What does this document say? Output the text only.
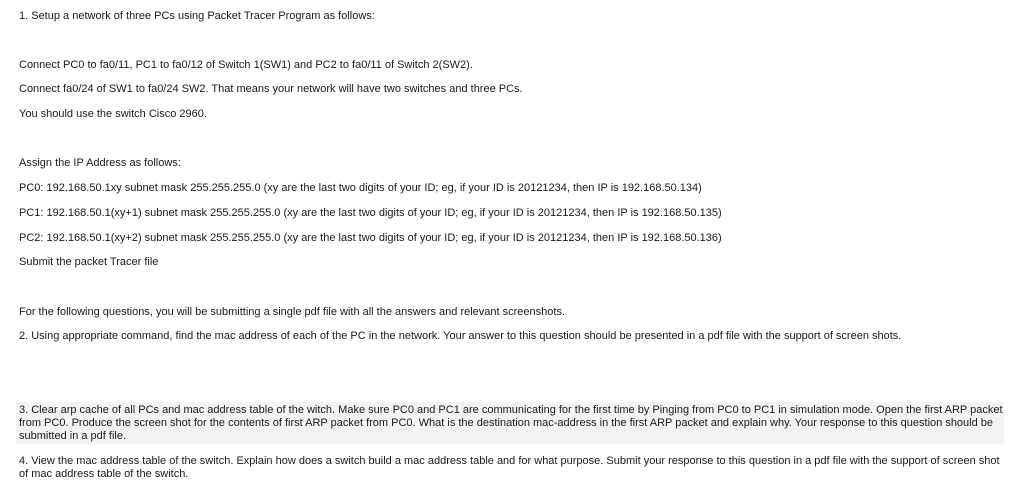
1. Setup a network of three PCs using Packet Tracer Program as follows:
Connect PC0 to fa0/11, PC1 to fa0/12 of Switch 1(SW1) and PC2 to fa0/11 of Switch 2(SW2).
Connect fa0/24 of SW1 to fa0/24 SW2. That means your network will have two switches and three PCs.
You should use the switch Cisco 2960.
Assign the IP Address as follows:
PC0: 192.168.50.1xy subnet mask 255.255.255.0 (xy are the last two digits of your ID; eg, if your ID is 20121234, then IP is 192.168.50.134)
PC1: 192.168.50.1(xy+1) subnet mask 255.255.255.0 (xy are the last two digits of your ID; eg, if your ID is 20121234, then IP is 192.168.50.135)
PC2: 192.168.50.1(xy+2) subnet mask 255.255.255.0 (xy are the last two digits of your ID; eg, if your ID is 20121234, then IP is 192.168.50.136)
Submit the packet Tracer file
For the following questions, you will be submitting a single pdf file with all the answers and relevant screenshots.
2. Using appropriate command, find the mac address of each of the PC in the network. Your answer to this question should be presented in a pdf file with the support of screen shots.
3. Clear arp cache of all PCs and mac address table of the witch. Make sure PC0 and PC1 are communicating for the first time by Pinging from PC0 to PC1 in simulation mode. Open the first ARP packet from PC0. Produce the screen shot for the contents of first ARP packet from PC0. What is the destination mac-address in the first ARP packet and explain why. Your response to this question should be submitted in a pdf file.
4. View the mac address table of the switch. Explain how does a switch build a mac address table and for what purpose. Submit your response to this question in a pdf file with the support of screen shot of mac address table of the switch.
